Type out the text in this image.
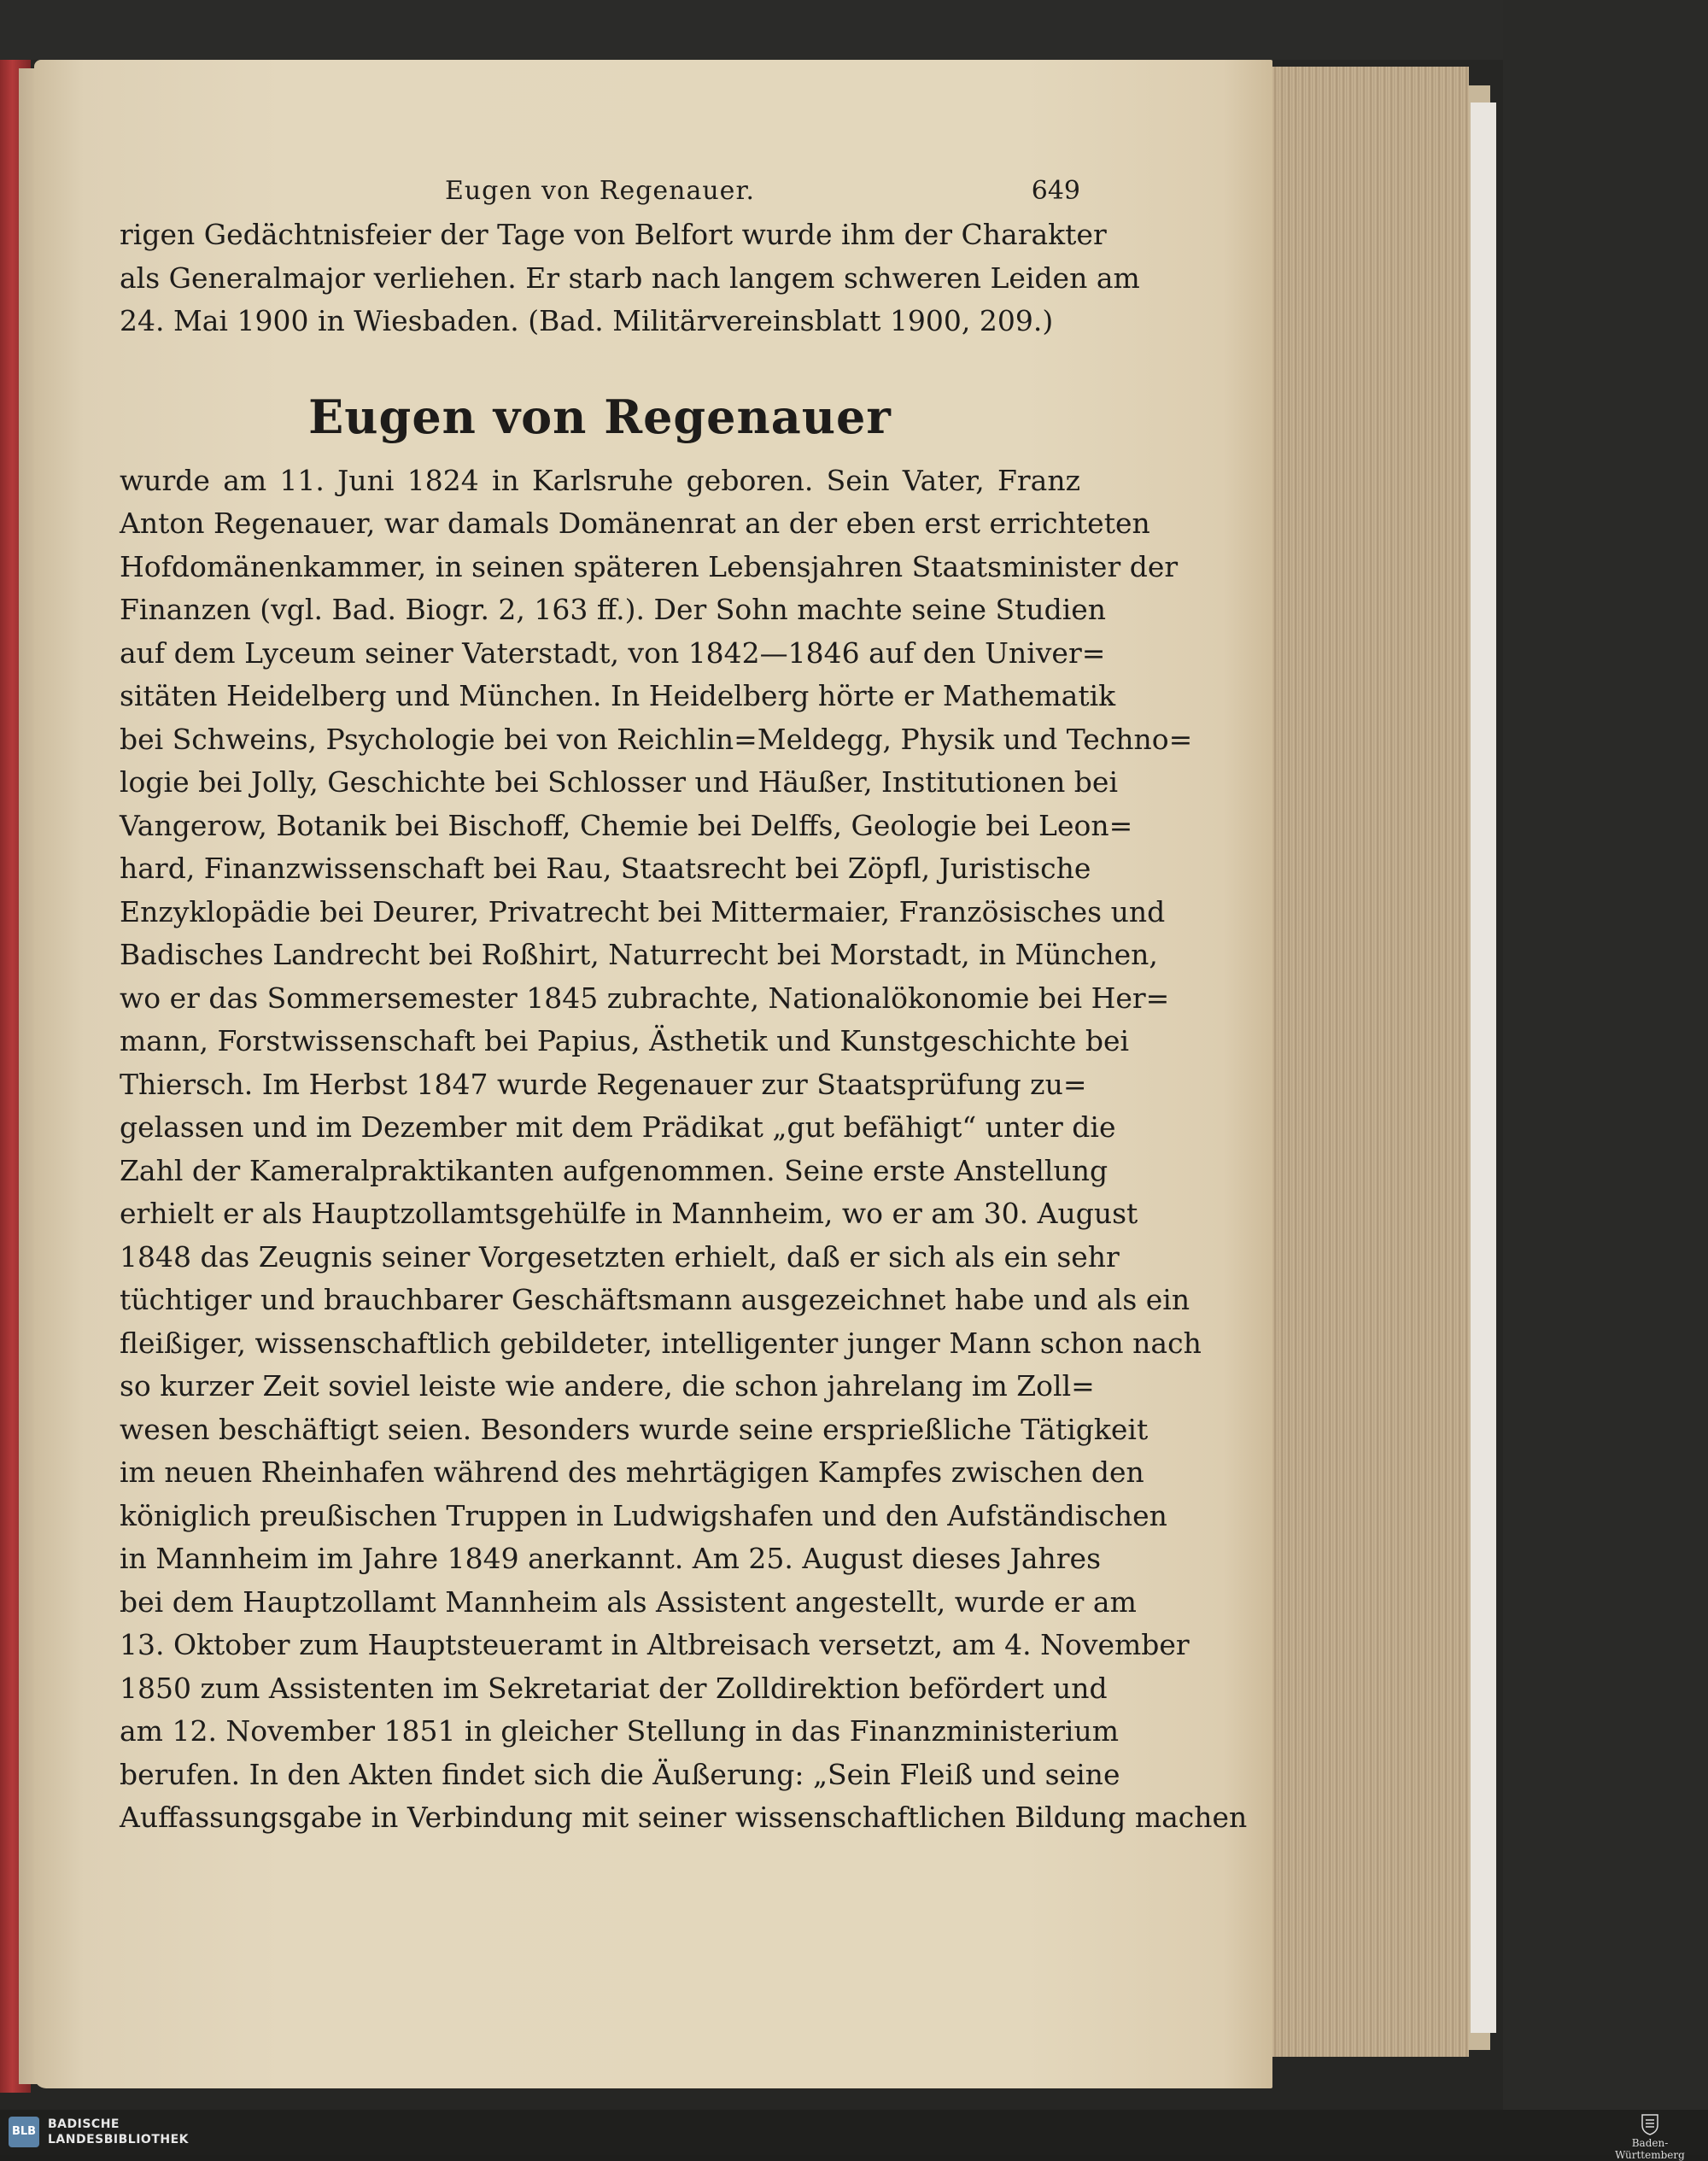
Eugen von Regenauer.	649
rigen Gedächtnisfeier der Tage von Belfort wurde ihm der Charakter
als Generalmajor verliehen. Er starb nach langem schweren Leiden am
24. Mai 1900 in Wiesbaden. (Bad. Militärvereinsblatt 1900, 209.)
Eugen von Regenauer
wurde am 11. Juni 1824 in Karlsruhe geboren. Sein Vater, Franz
Anton Regenauer, war damals Domänenrat an der eben erst errichteten
Hofdomänenkammer, in seinen späteren Lebensjahren Staatsminister der
Finanzen (vgl. Bad. Biogr. 2, 163 ff.). Der Sohn machte seine Studien
auf dem Lyceum seiner Vaterstadt, von 1842—1846 auf den Univer=
sitäten Heidelberg und München. In Heidelberg hörte er Mathematik
bei Schweins, Psychologie bei von Reichlin=Meldegg, Physik und Techno=
logie bei Jolly, Geschichte bei Schlosser und Häußer, Institutionen bei
Vangerow, Botanik bei Bischoff, Chemie bei Delffs, Geologie bei Leon=
hard, Finanzwissenschaft bei Rau, Staatsrecht bei Zöpfl, Juristische
Enzyklopädie bei Deurer, Privatrecht bei Mittermaier, Französisches und
Badisches Landrecht bei Roßhirt, Naturrecht bei Morstadt, in München,
wo er das Sommersemester 1845 zubrachte, Nationalökonomie bei Her=
mann, Forstwissenschaft bei Papius, Ästhetik und Kunstgeschichte bei
Thiersch. Im Herbst 1847 wurde Regenauer zur Staatsprüfung zu=
gelassen und im Dezember mit dem Prädikat „gut befähigt“ unter die
Zahl der Kameralpraktikanten aufgenommen. Seine erste Anstellung
erhielt er als Hauptzollamtsgehülfe in Mannheim, wo er am 30. August
1848 das Zeugnis seiner Vorgesetzten erhielt, daß er sich als ein sehr
tüchtiger und brauchbarer Geschäftsmann ausgezeichnet habe und als ein
fleißiger, wissenschaftlich gebildeter, intelligenter junger Mann schon nach
so kurzer Zeit soviel leiste wie andere, die schon jahrelang im Zoll=
wesen beschäftigt seien. Besonders wurde seine ersprießliche Tätigkeit
im neuen Rheinhafen während des mehrtägigen Kampfes zwischen den
königlich preußischen Truppen in Ludwigshafen und den Aufständischen
in Mannheim im Jahre 1849 anerkannt. Am 25. August dieses Jahres
bei dem Hauptzollamt Mannheim als Assistent angestellt, wurde er am
13. Oktober zum Hauptsteueramt in Altbreisach versetzt, am 4. November
1850 zum Assistenten im Sekretariat der Zolldirektion befördert und
am 12. November 1851 in gleicher Stellung in das Finanzministerium
berufen. In den Akten findet sich die Äußerung: „Sein Fleiß und seine
Auffassungsgabe in Verbindung mit seiner wissenschaftlichen Bildung machen
BLB
BADISCHE
LANDESBIBLIOTHEK	Baden-Württemberg
